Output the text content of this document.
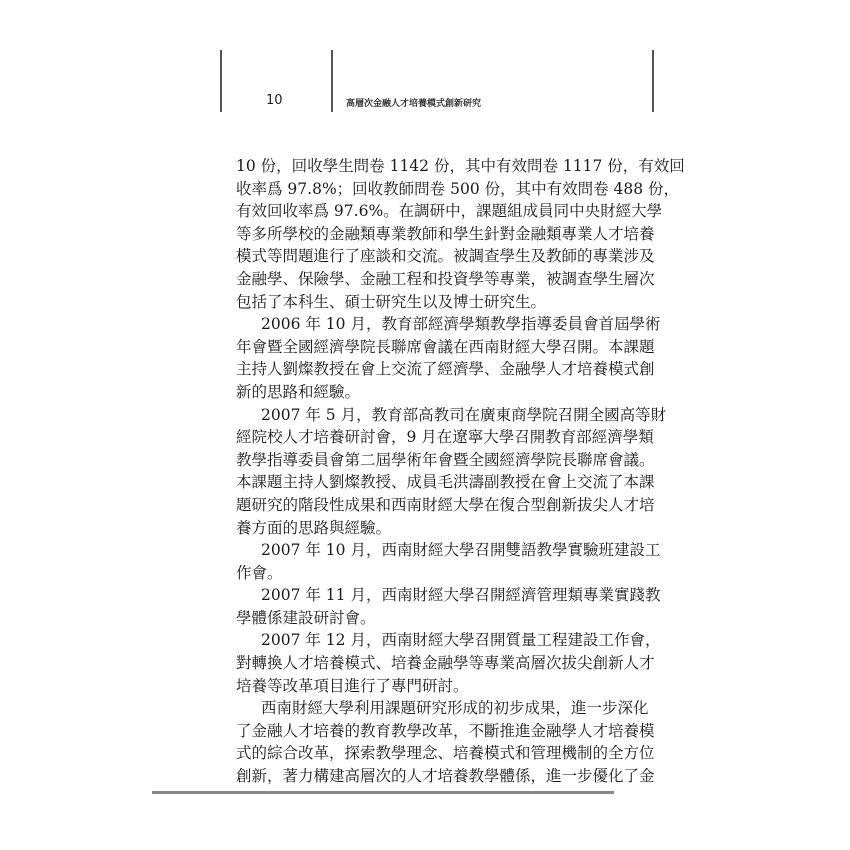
10	高層次金融人才培養模式創新研究
10 份，回收學生問卷 1142 份，其中有效問卷 1117 份，有效回
收率爲 97.8%；回收教師問卷 500 份，其中有效問卷 488 份，
有效回收率爲 97.6%。在調研中，課題組成員同中央財經大學
等多所學校的金融類專業教師和學生針對金融類專業人才培養
模式等問題進行了座談和交流。被調查學生及教師的專業涉及
金融學、保險學、金融工程和投資學等專業，被調查學生層次
包括了本科生、碩士研究生以及博士研究生。
2006 年 10 月，教育部經濟學類教學指導委員會首屆學術
年會暨全國經濟學院長聯席會議在西南財經大學召開。本課題
主持人劉燦教授在會上交流了經濟學、金融學人才培養模式創
新的思路和經驗。
2007 年 5 月，教育部高教司在廣東商學院召開全國高等財
經院校人才培養研討會，9 月在遼寧大學召開教育部經濟學類
教學指導委員會第二屆學術年會暨全國經濟學院長聯席會議。
本課題主持人劉燦教授、成員毛洪濤副教授在會上交流了本課
題研究的階段性成果和西南財經大學在復合型創新拔尖人才培
養方面的思路與經驗。
2007 年 10 月，西南財經大學召開雙語教學實驗班建設工
作會。
2007 年 11 月，西南財經大學召開經濟管理類專業實踐教
學體係建設研討會。
2007 年 12 月，西南財經大學召開質量工程建設工作會，
對轉換人才培養模式、培養金融學等專業高層次拔尖創新人才
培養等改革項目進行了專門研討。
西南財經大學利用課題研究形成的初步成果，進一步深化
了金融人才培養的教育教學改革，不斷推進金融學人才培養模
式的綜合改革，探索教學理念、培養模式和管理機制的全方位
創新，著力構建高層次的人才培養教學體係，進一步優化了金
